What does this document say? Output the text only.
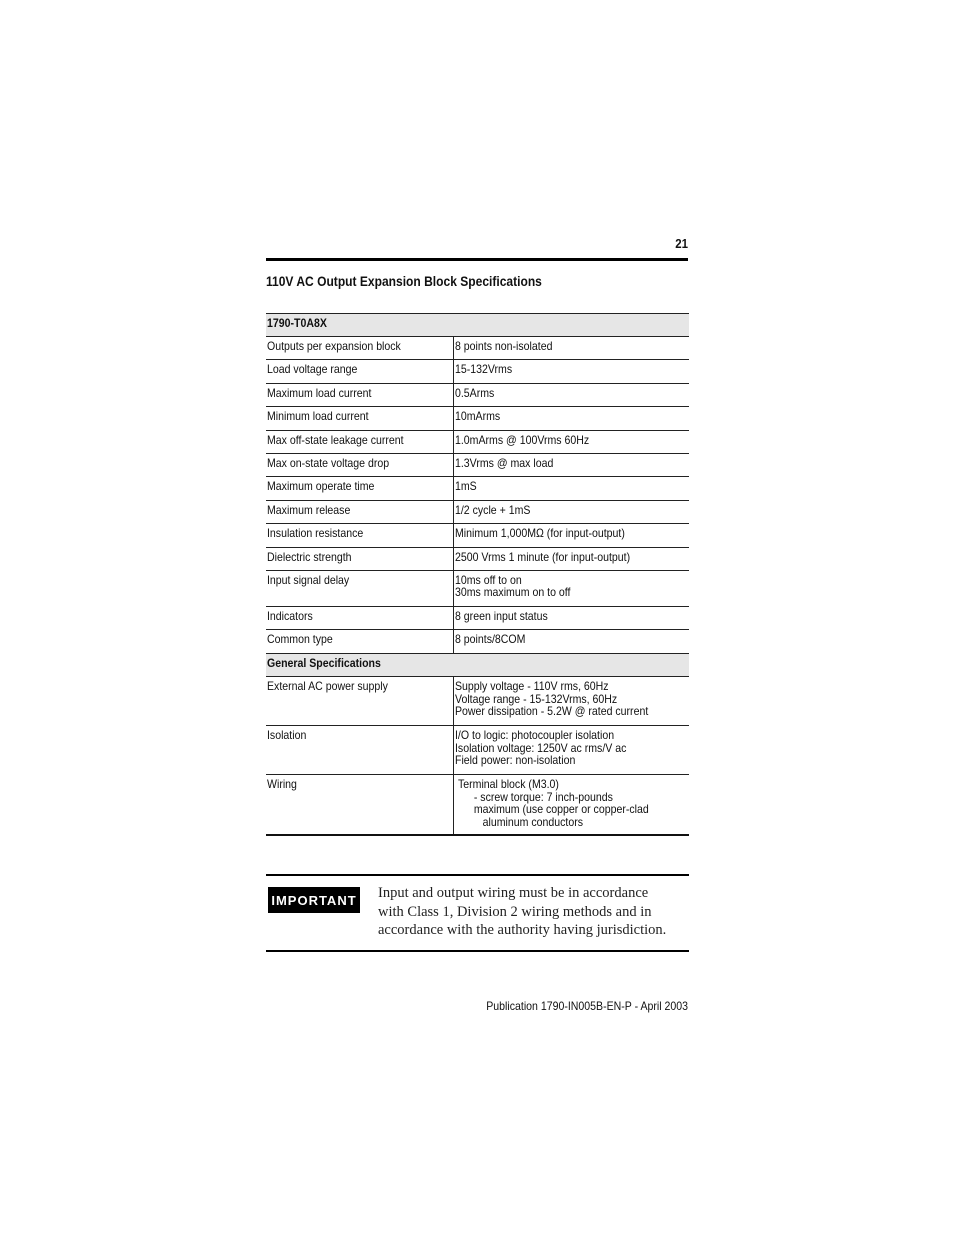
21
110V AC Output Expansion Block Specifications
1790-T0A8X
Outputs per expansion block	8 points non-isolated
Load voltage range	15-132Vrms
Maximum load current	0.5Arms
Minimum load current	10mArms
Max off-state leakage current	1.0mArms @ 100Vrms 60Hz
Max on-state voltage drop	1.3Vrms @ max load
Maximum operate time	1mS
Maximum release	1/2 cycle + 1mS
Insulation resistance	Minimum 1,000MΩ (for input-output)
Dielectric strength	2500 Vrms 1 minute (for input-output)
Input signal delay	10ms off to on
30ms maximum on to off
Indicators	8 green input status
Common type	8 points/8COM
General Specifications
External AC power supply	Supply voltage - 110V rms, 60Hz
Voltage range - 15-132Vrms, 60Hz
Power dissipation - 5.2W @ rated current
Isolation	I/O to logic: photocoupler isolation
Isolation voltage: 1250V ac rms/V ac
Field power: non-isolation
Wiring	Terminal block (M3.0)
- screw torque: 7 inch-pounds
maximum (use copper or copper-clad
aluminum conductors
IMPORTANT Input and output wiring must be in accordance
with Class 1, Division 2 wiring methods and in
accordance with the authority having jurisdiction.
Publication 1790-IN005B-EN-P - April 2003
